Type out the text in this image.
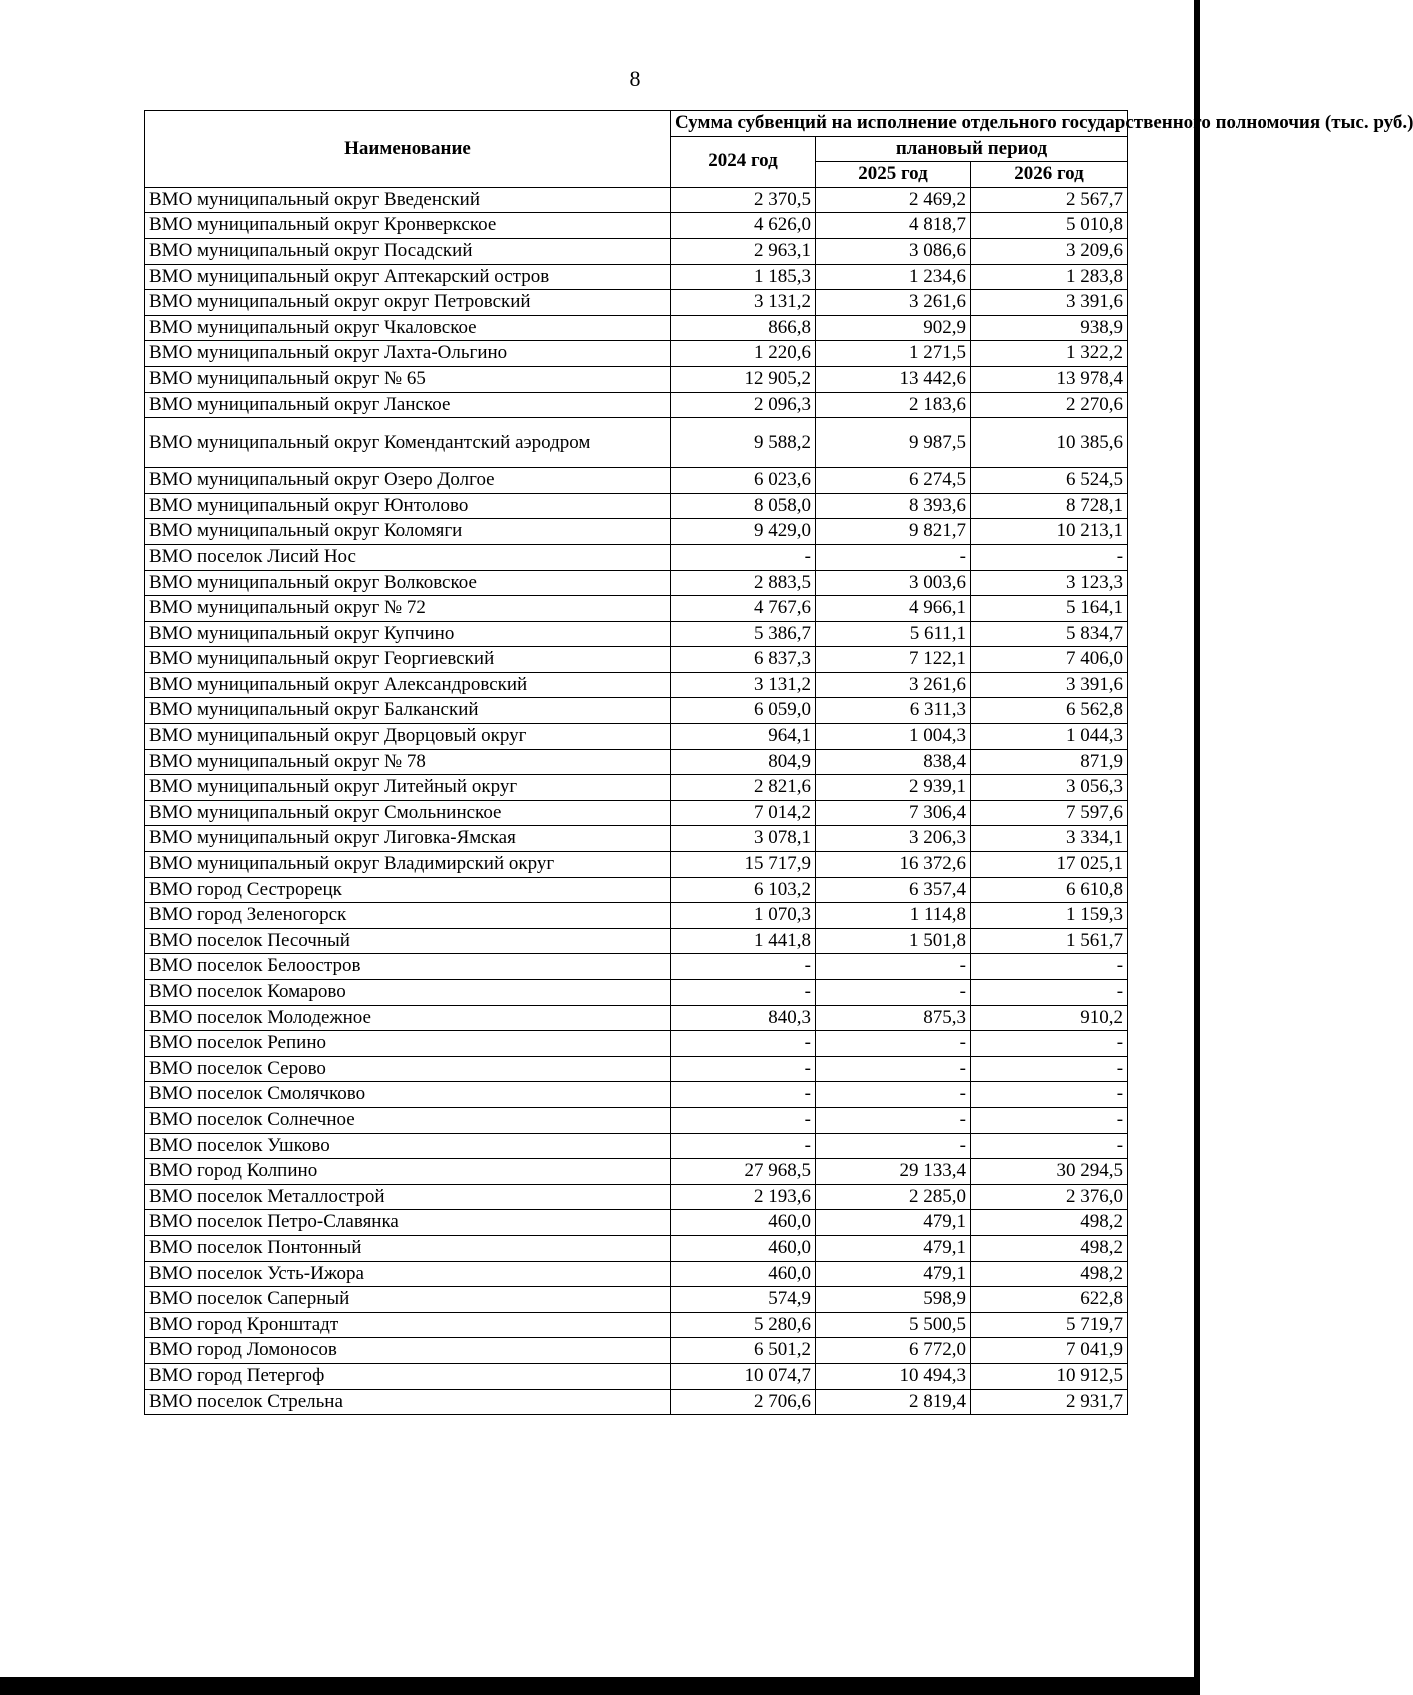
8
Наименование	Сумма субвенций на исполнение отдельного государственного полномочия (тыс. руб.)		
	2024 год	плановый период	
		2025 год	2026 год
ВМО муниципальный округ Введенский	2 370,5	2 469,2	2 567,7
ВМО муниципальный округ Кронверкское	4 626,0	4 818,7	5 010,8
ВМО муниципальный округ Посадский	2 963,1	3 086,6	3 209,6
ВМО муниципальный округ Аптекарский остров	1 185,3	1 234,6	1 283,8
ВМО муниципальный округ округ Петровский	3 131,2	3 261,6	3 391,6
ВМО муниципальный округ Чкаловское	866,8	902,9	938,9
ВМО муниципальный округ Лахта-Ольгино	1 220,6	1 271,5	1 322,2
ВМО муниципальный округ № 65	12 905,2	13 442,6	13 978,4
ВМО муниципальный округ Ланское	2 096,3	2 183,6	2 270,6
ВМО муниципальный округ Комендантский аэродром	9 588,2	9 987,5	10 385,6
ВМО муниципальный округ Озеро Долгое	6 023,6	6 274,5	6 524,5
ВМО муниципальный округ Юнтолово	8 058,0	8 393,6	8 728,1
ВМО муниципальный округ Коломяги	9 429,0	9 821,7	10 213,1
ВМО поселок Лисий Нос	-	-	-
ВМО муниципальный округ Волковское	2 883,5	3 003,6	3 123,3
ВМО муниципальный округ № 72	4 767,6	4 966,1	5 164,1
ВМО муниципальный округ Купчино	5 386,7	5 611,1	5 834,7
ВМО муниципальный округ Георгиевский	6 837,3	7 122,1	7 406,0
ВМО муниципальный округ Александровский	3 131,2	3 261,6	3 391,6
ВМО муниципальный округ Балканский	6 059,0	6 311,3	6 562,8
ВМО муниципальный округ Дворцовый округ	964,1	1 004,3	1 044,3
ВМО муниципальный округ № 78	804,9	838,4	871,9
ВМО муниципальный округ Литейный округ	2 821,6	2 939,1	3 056,3
ВМО муниципальный округ Смольнинское	7 014,2	7 306,4	7 597,6
ВМО муниципальный округ Лиговка-Ямская	3 078,1	3 206,3	3 334,1
ВМО муниципальный округ Владимирский округ	15 717,9	16 372,6	17 025,1
ВМО город Сестрорецк	6 103,2	6 357,4	6 610,8
ВМО город Зеленогорск	1 070,3	1 114,8	1 159,3
ВМО поселок Песочный	1 441,8	1 501,8	1 561,7
ВМО поселок Белоостров	-	-	-
ВМО поселок Комарово	-	-	-
ВМО поселок Молодежное	840,3	875,3	910,2
ВМО поселок Репино	-	-	-
ВМО поселок Серово	-	-	-
ВМО поселок Смолячково	-	-	-
ВМО поселок Солнечное	-	-	-
ВМО поселок Ушково	-	-	-
ВМО город Колпино	27 968,5	29 133,4	30 294,5
ВМО поселок Металлострой	2 193,6	2 285,0	2 376,0
ВМО поселок Петро-Славянка	460,0	479,1	498,2
ВМО поселок Понтонный	460,0	479,1	498,2
ВМО поселок Усть-Ижора	460,0	479,1	498,2
ВМО поселок Саперный	574,9	598,9	622,8
ВМО город Кронштадт	5 280,6	5 500,5	5 719,7
ВМО город Ломоносов	6 501,2	6 772,0	7 041,9
ВМО город Петергоф	10 074,7	10 494,3	10 912,5
ВМО поселок Стрельна	2 706,6	2 819,4	2 931,7
